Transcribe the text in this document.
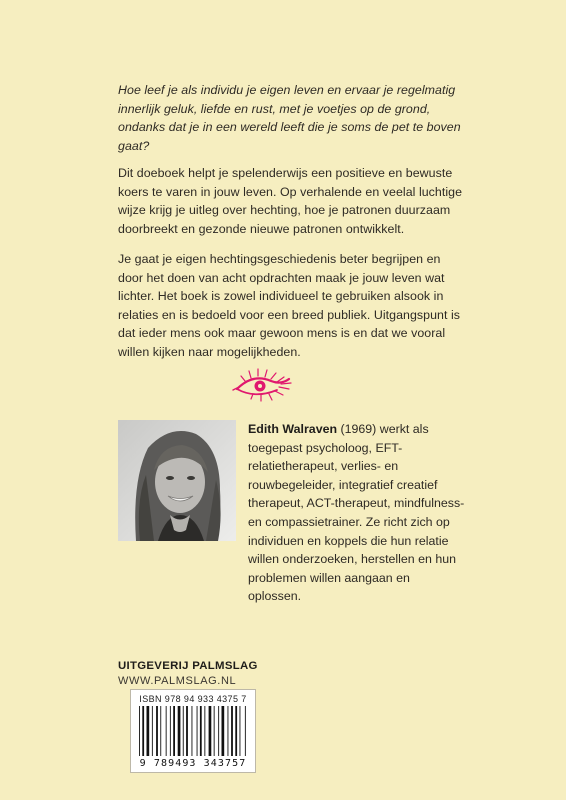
Hoe leef je als individu je eigen leven en ervaar je regelmatig innerlijk geluk, liefde en rust, met je voetjes op de grond, ondanks dat je in een wereld leeft die je soms de pet te boven gaat?

Dit doeboek helpt je spelenderwijs een positieve en bewuste koers te varen in jouw leven. Op verhalende en veelal luchtige wijze krijg je uitleg over hechting, hoe je patronen duurzaam doorbreekt en gezonde nieuwe patronen ontwikkelt.

Je gaat je eigen hechtingsgeschiedenis beter begrijpen en door het doen van acht opdrachten maak je jouw leven wat lichter. Het boek is zowel individueel te gebruiken alsook in relaties en is bedoeld voor een breed publiek. Uitgangspunt is dat ieder mens ook maar gewoon mens is en dat we vooral willen kijken naar mogelijkheden.

Edith Walraven (1969) werkt als toegepast psycholoog, EFT-relatietherapeut, verlies- en rouwbegeleider, integratief creatief therapeut, ACT-therapeut, mindfulness- en compassietrainer. Ze richt zich op individuen en koppels die hun relatie willen onderzoeken, herstellen en hun problemen willen aangaan en oplossen.

UITGEVERIJ PALMSLAG
WWW.PALMSLAG.NL
ISBN 978 94 933 4375 7
9 789493 343757
